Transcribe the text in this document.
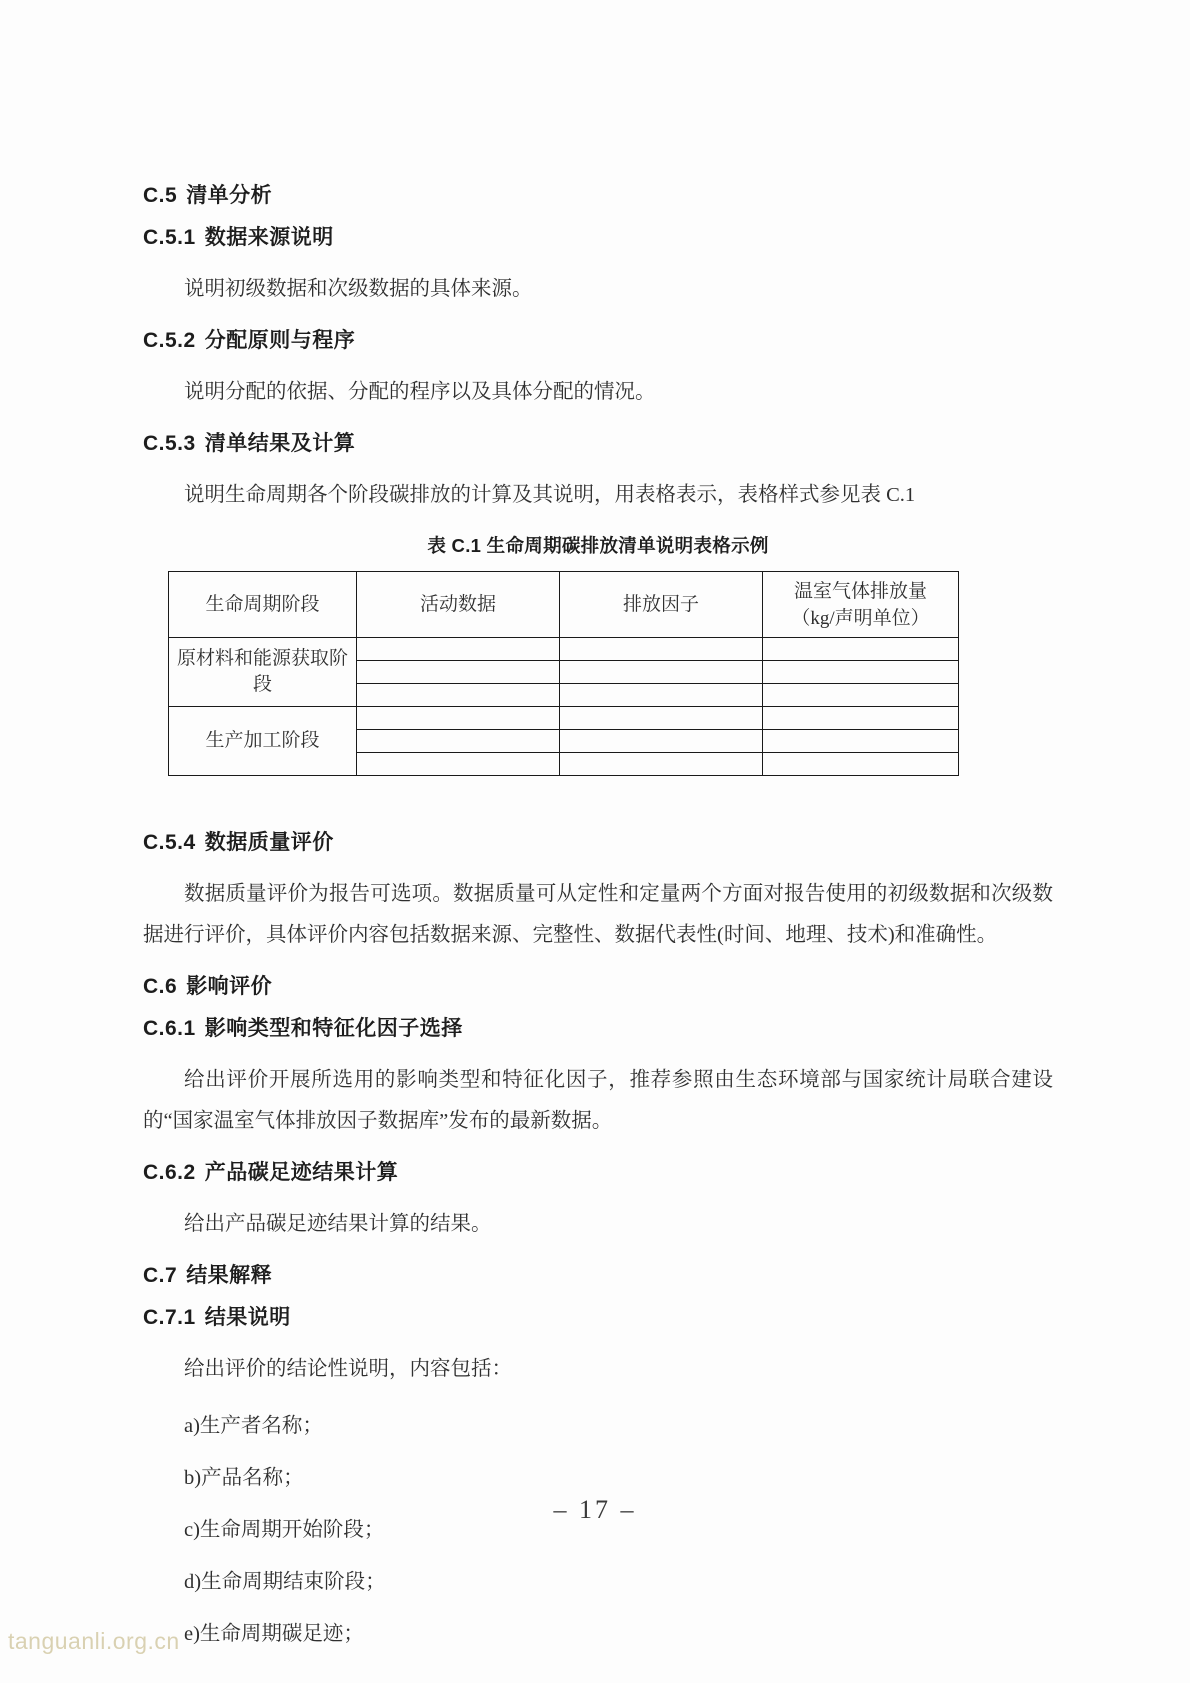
C.5 清单分析
C.5.1 数据来源说明

说明初级数据和次级数据的具体来源。

C.5.2 分配原则与程序

说明分配的依据、分配的程序以及具体分配的情况。

C.5.3 清单结果及计算

说明生命周期各个阶段碳排放的计算及其说明，用表格表示，表格样式参见表 C.1

表 C.1 生命周期碳排放清单说明表格示例
生命周期阶段	活动数据	排放因子	温室气体排放量
（kg/声明单位）

原材料和能源获取阶段			

生产加工阶段			

C.5.4 数据质量评价

数据质量评价为报告可选项。数据质量可从定性和定量两个方面对报告使用的初级数据和次级数据进行评价，具体评价内容包括数据来源、完整性、数据代表性(时间、地理、技术)和准确性。

C.6 影响评价
C.6.1 影响类型和特征化因子选择

给出评价开展所选用的影响类型和特征化因子，推荐参照由生态环境部与国家统计局联合建设的“国家温室气体排放因子数据库”发布的最新数据。

C.6.2 产品碳足迹结果计算

给出产品碳足迹结果计算的结果。

C.7 结果解释
C.7.1 结果说明

给出评价的结论性说明，内容包括：

a)生产者名称；
b)产品名称；
c)生命周期开始阶段；
d)生命周期结束阶段；
e)生命周期碳足迹；
– 17 –
tanguanli.org.cn
